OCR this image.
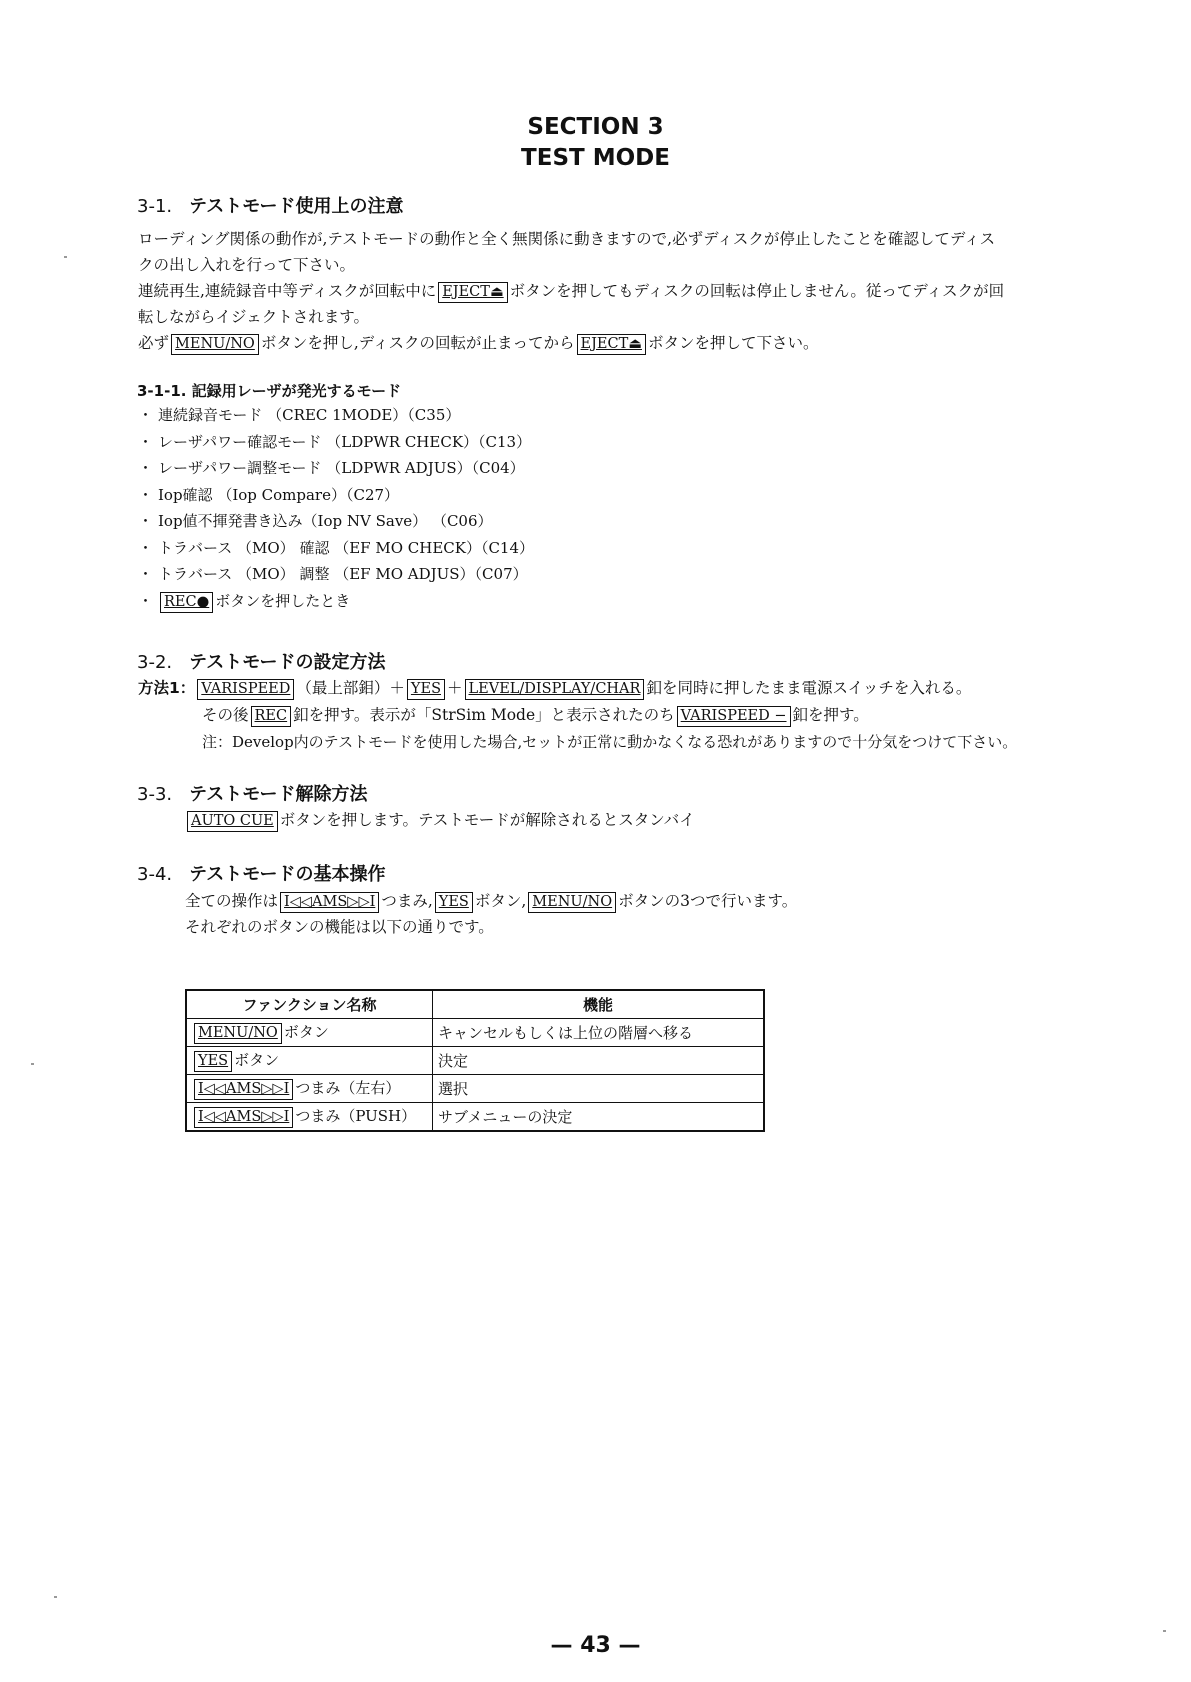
SECTION 3
TEST MODE
3-1. テストモード使用上の注意
ローディング関係の動作が,テストモードの動作と全く無関係に動きますので,必ずディスクが停止したことを確認してディス
クの出し入れを行って下さい。
連続再生,連続録音中等ディスクが回転中に EJECT⏏ ボタンを押してもディスクの回転は停止しません。従ってディスクが回
転しながらイジェクトされます。
必ず MENU/NO ボタンを押し,ディスクの回転が止まってから EJECT⏏ ボタンを押して下さい。
3-1-1. 記録用レーザが発光するモード
・ 連続録音モード （CREC 1MODE）（C35）
・ レーザパワー確認モード （LDPWR CHECK）（C13）
・ レーザパワー調整モード （LDPWR ADJUS）（C04）
・ Iop確認 （Iop Compare）（C27）
・ Iop値不揮発書き込み（Iop NV Save） （C06）
・ トラバース （MO） 確認 （EF MO CHECK）（C14）
・ トラバース （MO） 調整 （EF MO ADJUS）（C07）
・ REC● ボタンを押したとき
3-2. テストモードの設定方法
方法1： VARISPEED （最上部鉬）＋ YES ＋ LEVEL/DISPLAY/CHAR 釦を同時に押したまま電源スイッチを入れる。
その後 REC 釦を押す。表示が「StrSim Mode」と表示されたのち VARISPEED − 釦を押す。
注：Develop内のテストモードを使用した場合,セットが正常に動かなくなる恐れがありますので十分気をつけて下さい。
3-3. テストモード解除方法
AUTO CUE ボタンを押します。テストモードが解除されるとスタンバイ
3-4. テストモードの基本操作
全ての操作は I◁◁AMS▷▷I つまみ, YES ボタン, MENU/NO ボタンの3つで行います。
それぞれのボタンの機能は以下の通りです。
ファンクション名称	機能
MENU/NO ボタン	キャンセルもしくは上位の階層へ移る
YES ボタン	決定
I◁◁AMS▷▷I つまみ（左右）	選択
I◁◁AMS▷▷I つまみ（PUSH）	サブメニューの決定
— 43 —
